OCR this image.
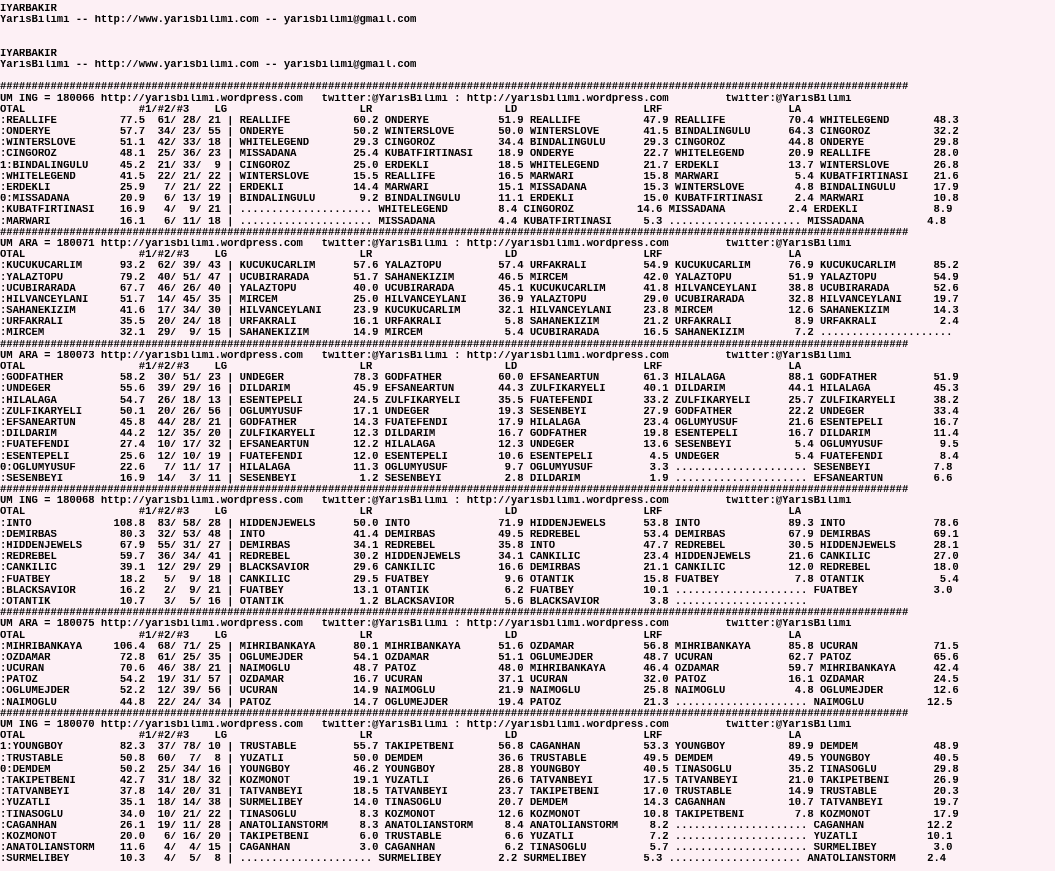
IYARBAKIR
YarisBilimi -- http://www.yarisbilimi.com -- yarisbilimi@gmail.com

IYARBAKIR
YarisBilimi -- http://www.yarisbilimi.com -- yarisbilimi@gmail.com

################################################################################################################################################
UM ING = 180066 http://yarisbilimi.wordpress.com   twitter:@YarisBilimi : http://yarisbilimi.wordpress.com         twitter:@YarisBilimi
OTAL                  #1/#2/#3    LG                     LR                     LD                    LRF                    LA
:REALLIFE          77.5  61/ 28/ 21 | REALLIFE          60.2 ONDERYE           51.9 REALLIFE          47.9 REALLIFE          70.4 WHITELEGEND       48.3
:ONDERYE           57.7  34/ 23/ 55 | ONDERYE           50.2 WINTERSLOVE       50.0 WINTERSLOVE       41.5 BINDALINGULU      64.3 CINGOROZ          32.2
:WINTERSLOVE       51.1  42/ 33/ 18 | WHITELEGEND       29.3 CINGOROZ          34.4 BINDALINGULU      29.3 CINGOROZ          44.8 ONDERYE           29.8
:CINGOROZ          48.1  25/ 36/ 23 | MISSADANA         25.4 KUBATFIRTINASI    18.9 ONDERYE           22.7 WHITELEGEND       20.9 REALLIFE          28.0
1:BINDALINGULU     45.2  21/ 33/  9 | CINGOROZ          25.0 ERDEKLI           18.5 WHITELEGEND       21.7 ERDEKLI           13.7 WINTERSLOVE       26.8
:WHITELEGEND       41.5  22/ 21/ 22 | WINTERSLOVE       15.5 REALLIFE          16.5 MARWARI           15.8 MARWARI            5.4 KUBATFIRTINASI    21.6
:ERDEKLI           25.9   7/ 21/ 22 | ERDEKLI           14.4 MARWARI           15.1 MISSADANA         15.3 WINTERSLOVE        4.8 BINDALINGULU      17.9
0:MISSADANA        20.9   6/ 13/ 19 | BINDALINGULU       9.2 BINDALINGULU      11.1 ERDEKLI           15.0 KUBATFIRTINASI     2.4 MARWARI           10.8
:KUBATFIRTINASI    16.9   4/  9/ 21 | ..................... WHITELEGEND        8.4 CINGOROZ          14.6 MISSADANA          2.4 ERDEKLI            8.9
:MARWARI           16.1   6/ 11/ 18 | ..................... MISSADANA          4.4 KUBATFIRTINASI     5.3 ..................... MISSADANA          4.8
################################################################################################################################################
UM ARA = 180071 http://yarisbilimi.wordpress.com   twitter:@YarisBilimi : http://yarisbilimi.wordpress.com         twitter:@YarisBilimi
OTAL                  #1/#2/#3    LG                     LR                     LD                    LRF                    LA
:KUCUKUCARLIM      93.2  62/ 39/ 43 | KUCUKUCARLIM      57.6 YALAZTOPU         57.4 URFAKRALI         54.9 KUCUKUCARLIM      76.9 KUCUKUCARLIM      85.2
:YALAZTOPU         79.2  40/ 51/ 47 | UCUBIRARADA       51.7 SAHANEKIZIM       46.5 MIRCEM            42.0 YALAZTOPU         51.9 YALAZTOPU         54.9
:UCUBIRARADA       67.7  46/ 26/ 40 | YALAZTOPU         40.0 UCUBIRARADA       45.1 KUCUKUCARLIM      41.8 HILVANCEYLANI     38.8 UCUBIRARADA       52.6
:HILVANCEYLANI     51.7  14/ 45/ 35 | MIRCEM            25.0 HILVANCEYLANI     36.9 YALAZTOPU         29.0 UCUBIRARADA       32.8 HILVANCEYLANI     19.7
:SAHANEKIZIM       41.6  17/ 34/ 30 | HILVANCEYLANI     23.9 KUCUKUCARLIM      32.1 HILVANCEYLANI     23.8 MIRCEM            12.6 SAHANEKIZIM       14.3
:URFAKRALI         35.5  20/ 24/ 18 | URFAKRALI         16.1 URFAKRALI          5.8 SAHANEKIZIM       21.2 URFAKRALI          8.9 URFAKRALI          2.4
:MIRCEM            32.1  29/  9/ 15 | SAHANEKIZIM       14.9 MIRCEM             5.4 UCUBIRARADA       16.5 SAHANEKIZIM        7.2 .....................
################################################################################################################################################
UM ARA = 180073 http://yarisbilimi.wordpress.com   twitter:@YarisBilimi : http://yarisbilimi.wordpress.com         twitter:@YarisBilimi
OTAL                  #1/#2/#3    LG                     LR                     LD                    LRF                    LA
:GODFATHER         58.2  30/ 51/ 23 | UNDEGER           78.3 GODFATHER         60.0 EFSANEARTUN       61.3 HILALAGA          88.1 GODFATHER         51.9
:UNDEGER           55.6  39/ 29/ 16 | DILDARIM          45.9 EFSANEARTUN       44.3 ZULFIKARYELI      40.1 DILDARIM          44.1 HILALAGA          45.3
:HILALAGA          54.7  26/ 18/ 13 | ESENTEPELI        24.5 ZULFIKARYELI      35.5 FUATEFENDI        33.2 ZULFIKARYELI      25.7 ZULFIKARYELI      38.2
:ZULFIKARYELI      50.1  20/ 26/ 56 | OGLUMYUSUF        17.1 UNDEGER           19.3 SESENBEYI         27.9 GODFATHER         22.2 UNDEGER           33.4
:EFSANEARTUN       45.8  44/ 28/ 21 | GODFATHER         14.3 FUATEFENDI        17.9 HILALAGA          23.4 OGLUMYUSUF        21.6 ESENTEPELI        16.7
:DILDARIM          44.2  12/ 35/ 20 | ZULFIKARYELI      12.3 DILDARIM          16.7 GODFATHER         19.8 ESENTEPELI        16.7 DILDARIM          11.4
:FUATEFENDI        27.4  10/ 17/ 32 | EFSANEARTUN       12.2 HILALAGA          12.3 UNDEGER           13.6 SESENBEYI          5.4 OGLUMYUSUF         9.5
:ESENTEPELI        25.6  12/ 10/ 19 | FUATEFENDI        12.0 ESENTEPELI        10.6 ESENTEPELI         4.5 UNDEGER            5.4 FUATEFENDI         8.4
0:OGLUMYUSUF       22.6   7/ 11/ 17 | HILALAGA          11.3 OGLUMYUSUF         9.7 OGLUMYUSUF         3.3 ..................... SESENBEYI          7.8
:SESENBEYI         16.9  14/  3/ 11 | SESENBEYI          1.2 SESENBEYI          2.8 DILDARIM           1.9 ..................... EFSANEARTUN        6.6
################################################################################################################################################
UM ING = 180068 http://yarisbilimi.wordpress.com   twitter:@YarisBilimi : http://yarisbilimi.wordpress.com         twitter:@YarisBilimi
OTAL                  #1/#2/#3    LG                     LR                     LD                    LRF                    LA
:INTO             108.8  83/ 58/ 28 | HIDDENJEWELS      50.0 INTO              71.9 HIDDENJEWELS      53.8 INTO              89.3 INTO              78.6
:DEMIRBAS          80.3  32/ 53/ 48 | INTO              41.4 DEMIRBAS          49.5 REDREBEL          53.4 DEMIRBAS          67.9 DEMIRBAS          69.1
:HIDDENJEWELS      67.9  55/ 31/ 27 | DEMIRBAS          34.1 REDREBEL          35.8 INTO              47.7 REDREBEL          30.5 HIDDENJEWELS      28.1
:REDREBEL          59.7  36/ 34/ 41 | REDREBEL          30.2 HIDDENJEWELS      34.1 CANKILIC          23.4 HIDDENJEWELS      21.6 CANKILIC          27.0
:CANKILIC          39.1  12/ 29/ 29 | BLACKSAVIOR       29.6 CANKILIC          16.6 DEMIRBAS          21.1 CANKILIC          12.0 REDREBEL          18.0
:FUATBEY           18.2   5/  9/ 18 | CANKILIC          29.5 FUATBEY            9.6 OTANTIK           15.8 FUATBEY            7.8 OTANTIK            5.4
:BLACKSAVIOR       16.2   2/  9/ 21 | FUATBEY           13.1 OTANTIK            6.2 FUATBEY           10.1 ..................... FUATBEY            3.0
:OTANTIK           10.7   3/  5/ 16 | OTANTIK            1.2 BLACKSAVIOR        5.6 BLACKSAVIOR        3.8 .....................
################################################################################################################################################
UM ARA = 180075 http://yarisbilimi.wordpress.com   twitter:@YarisBilimi : http://yarisbilimi.wordpress.com         twitter:@YarisBilimi
OTAL                  #1/#2/#3    LG                     LR                     LD                    LRF                    LA
:MIHRIBANKAYA     106.4  68/ 71/ 25 | MIHRIBANKAYA      80.1 MIHRIBANKAYA      51.6 OZDAMAR           56.8 MIHRIBANKAYA      85.8 UCURAN            71.5
:OZDAMAR           72.8  61/ 25/ 35 | OGLUMEJDER        54.1 OZDAMAR           51.1 OGLUMEJDER        48.7 UCURAN            62.7 PATOZ             65.6
:UCURAN            70.6  46/ 38/ 21 | NAIMOGLU          48.7 PATOZ             48.0 MIHRIBANKAYA      46.4 OZDAMAR           59.7 MIHRIBANKAYA      42.4
:PATOZ             54.2  19/ 31/ 57 | OZDAMAR           16.7 UCURAN            37.1 UCURAN            32.0 PATOZ             16.1 OZDAMAR           24.5
:OGLUMEJDER        52.2  12/ 39/ 56 | UCURAN            14.9 NAIMOGLU          21.9 NAIMOGLU          25.8 NAIMOGLU           4.8 OGLUMEJDER        12.6
:NAIMOGLU          44.8  22/ 24/ 34 | PATOZ             14.7 OGLUMEJDER        19.4 PATOZ             21.3 ..................... NAIMOGLU          12.5
################################################################################################################################################
UM ING = 180070 http://yarisbilimi.wordpress.com   twitter:@YarisBilimi : http://yarisbilimi.wordpress.com         twitter:@YarisBilimi
OTAL                  #1/#2/#3    LG                     LR                     LD                    LRF                    LA
1:YOUNGBOY         82.3  37/ 78/ 10 | TRUSTABLE         55.7 TAKIPETBENI       56.8 CAGANHAN          53.3 YOUNGBOY          89.9 DEMDEM            48.9
:TRUSTABLE         50.8  60/  7/  8 | YUZATLI           50.0 DEMDEM            36.6 TRUSTABLE         49.5 DEMDEM            49.5 YOUNGBOY          40.5
0:DEMDEM           50.2  25/ 34/ 16 | YOUNGBOY          46.2 YOUNGBOY          28.8 YOUNGBOY          40.5 TINASOGLU         35.2 TINASOGLU         29.8
:TAKIPETBENI       42.7  31/ 18/ 32 | KOZMONOT          19.1 YUZATLI           26.6 TATVANBEYI        17.5 TATVANBEYI        21.0 TAKIPETBENI       26.9
:TATVANBEYI        37.8  14/ 20/ 31 | TATVANBEYI        18.5 TATVANBEYI        23.7 TAKIPETBENI       17.0 TRUSTABLE         14.9 TRUSTABLE         20.3
:YUZATLI           35.1  18/ 14/ 38 | SURMELIBEY        14.0 TINASOGLU         20.7 DEMDEM            14.3 CAGANHAN          10.7 TATVANBEYI        19.7
:TINASOGLU         34.0  10/ 21/ 22 | TINASOGLU          8.3 KOZMONOT          12.6 KOZMONOT          10.8 TAKIPETBENI        7.8 KOZMONOT          17.9
:CAGANHAN          26.1  19/ 11/ 28 | ANATOLIANSTORM     8.3 ANATOLIANSTORM     8.4 ANATOLIANSTORM     8.2 ..................... CAGANHAN          12.2
:KOZMONOT          20.0   6/ 16/ 20 | TAKIPETBENI        6.0 TRUSTABLE          6.6 YUZATLI            7.2 ..................... YUZATLI           10.1
:ANATOLIANSTORM    11.6   4/  4/ 15 | CAGANHAN           3.0 CAGANHAN           6.2 TINASOGLU          5.7 ..................... SURMELIBEY         3.0
:SURMELIBEY        10.3   4/  5/  8 | ..................... SURMELIBEY         2.2 SURMELIBEY         5.3 ..................... ANATOLIANSTORM     2.4
